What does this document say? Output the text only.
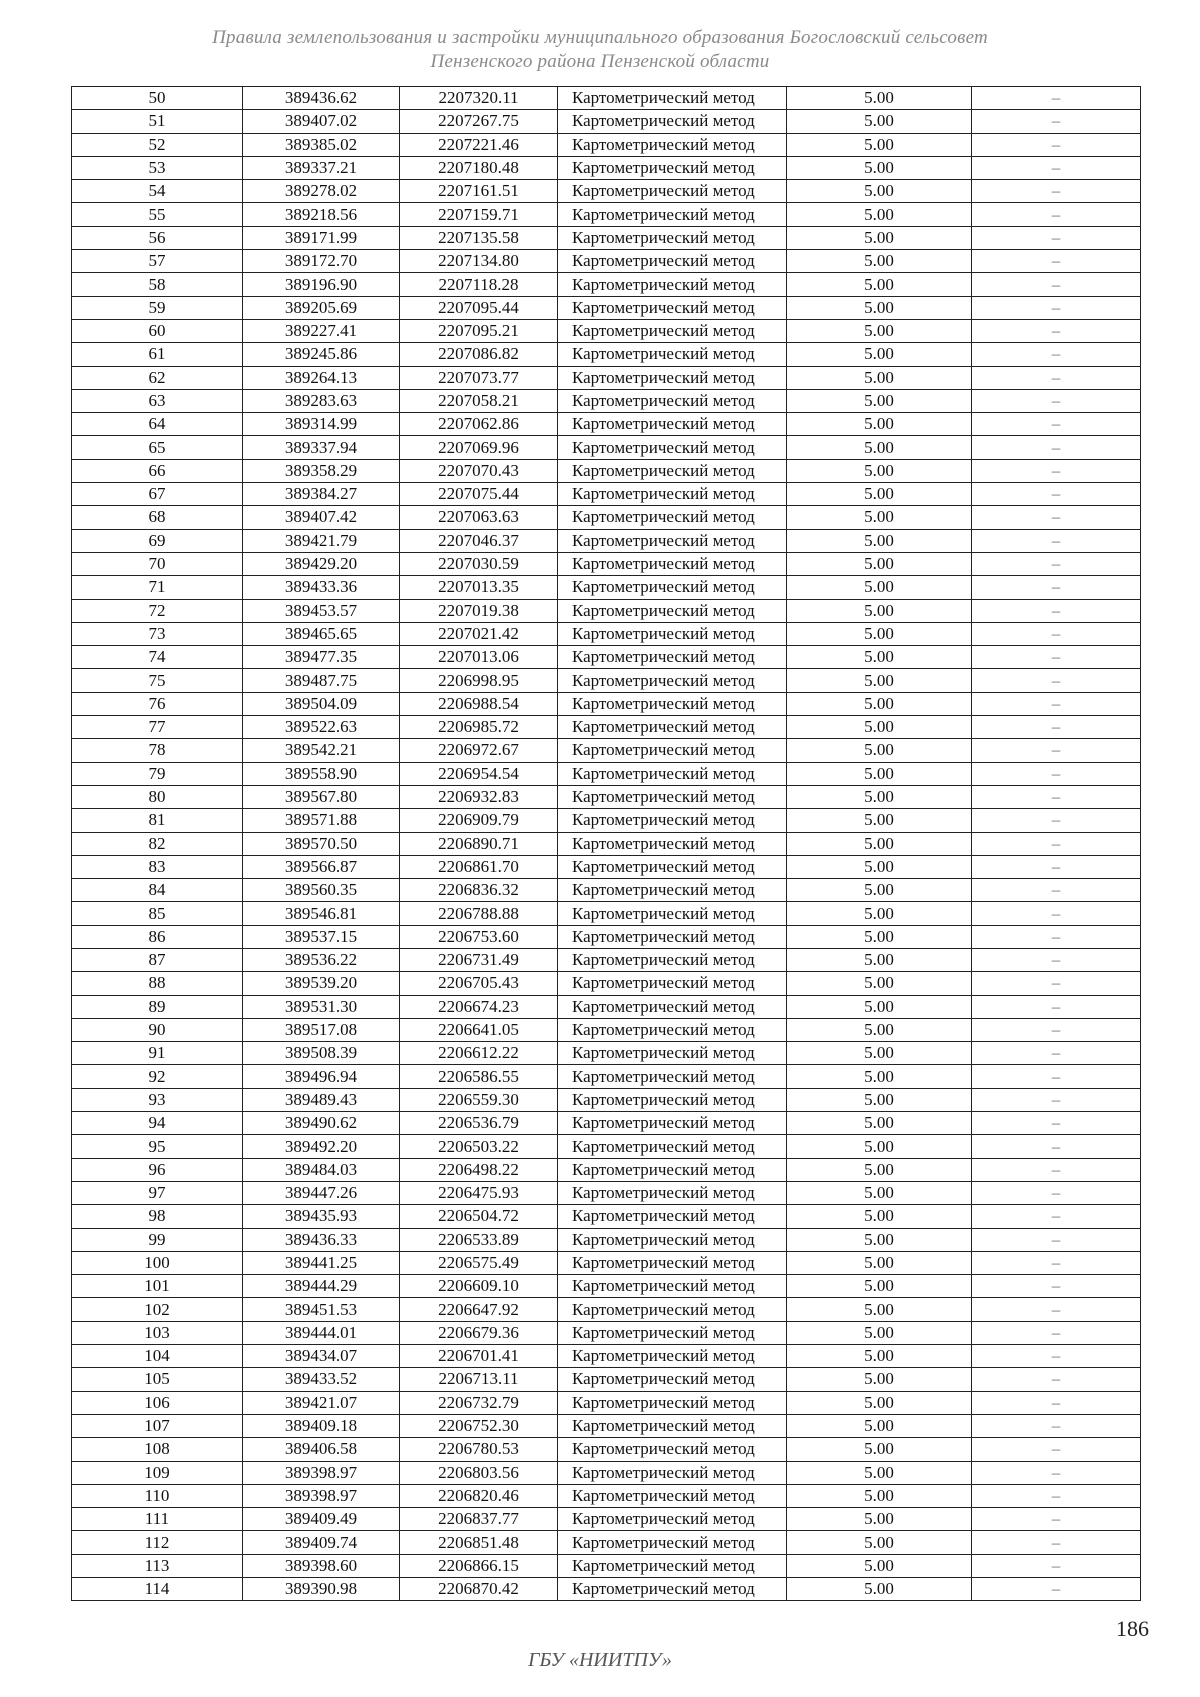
Правила землепользования и застройки муниципального образования Богословский сельсовет
Пензенского района Пензенской области
50	389436.62	2207320.11	Картометрический метод	5.00	–
51	389407.02	2207267.75	Картометрический метод	5.00	–
52	389385.02	2207221.46	Картометрический метод	5.00	–
53	389337.21	2207180.48	Картометрический метод	5.00	–
54	389278.02	2207161.51	Картометрический метод	5.00	–
55	389218.56	2207159.71	Картометрический метод	5.00	–
56	389171.99	2207135.58	Картометрический метод	5.00	–
57	389172.70	2207134.80	Картометрический метод	5.00	–
58	389196.90	2207118.28	Картометрический метод	5.00	–
59	389205.69	2207095.44	Картометрический метод	5.00	–
60	389227.41	2207095.21	Картометрический метод	5.00	–
61	389245.86	2207086.82	Картометрический метод	5.00	–
62	389264.13	2207073.77	Картометрический метод	5.00	–
63	389283.63	2207058.21	Картометрический метод	5.00	–
64	389314.99	2207062.86	Картометрический метод	5.00	–
65	389337.94	2207069.96	Картометрический метод	5.00	–
66	389358.29	2207070.43	Картометрический метод	5.00	–
67	389384.27	2207075.44	Картометрический метод	5.00	–
68	389407.42	2207063.63	Картометрический метод	5.00	–
69	389421.79	2207046.37	Картометрический метод	5.00	–
70	389429.20	2207030.59	Картометрический метод	5.00	–
71	389433.36	2207013.35	Картометрический метод	5.00	–
72	389453.57	2207019.38	Картометрический метод	5.00	–
73	389465.65	2207021.42	Картометрический метод	5.00	–
74	389477.35	2207013.06	Картометрический метод	5.00	–
75	389487.75	2206998.95	Картометрический метод	5.00	–
76	389504.09	2206988.54	Картометрический метод	5.00	–
77	389522.63	2206985.72	Картометрический метод	5.00	–
78	389542.21	2206972.67	Картометрический метод	5.00	–
79	389558.90	2206954.54	Картометрический метод	5.00	–
80	389567.80	2206932.83	Картометрический метод	5.00	–
81	389571.88	2206909.79	Картометрический метод	5.00	–
82	389570.50	2206890.71	Картометрический метод	5.00	–
83	389566.87	2206861.70	Картометрический метод	5.00	–
84	389560.35	2206836.32	Картометрический метод	5.00	–
85	389546.81	2206788.88	Картометрический метод	5.00	–
86	389537.15	2206753.60	Картометрический метод	5.00	–
87	389536.22	2206731.49	Картометрический метод	5.00	–
88	389539.20	2206705.43	Картометрический метод	5.00	–
89	389531.30	2206674.23	Картометрический метод	5.00	–
90	389517.08	2206641.05	Картометрический метод	5.00	–
91	389508.39	2206612.22	Картометрический метод	5.00	–
92	389496.94	2206586.55	Картометрический метод	5.00	–
93	389489.43	2206559.30	Картометрический метод	5.00	–
94	389490.62	2206536.79	Картометрический метод	5.00	–
95	389492.20	2206503.22	Картометрический метод	5.00	–
96	389484.03	2206498.22	Картометрический метод	5.00	–
97	389447.26	2206475.93	Картометрический метод	5.00	–
98	389435.93	2206504.72	Картометрический метод	5.00	–
99	389436.33	2206533.89	Картометрический метод	5.00	–
100	389441.25	2206575.49	Картометрический метод	5.00	–
101	389444.29	2206609.10	Картометрический метод	5.00	–
102	389451.53	2206647.92	Картометрический метод	5.00	–
103	389444.01	2206679.36	Картометрический метод	5.00	–
104	389434.07	2206701.41	Картометрический метод	5.00	–
105	389433.52	2206713.11	Картометрический метод	5.00	–
106	389421.07	2206732.79	Картометрический метод	5.00	–
107	389409.18	2206752.30	Картометрический метод	5.00	–
108	389406.58	2206780.53	Картометрический метод	5.00	–
109	389398.97	2206803.56	Картометрический метод	5.00	–
110	389398.97	2206820.46	Картометрический метод	5.00	–
111	389409.49	2206837.77	Картометрический метод	5.00	–
112	389409.74	2206851.48	Картометрический метод	5.00	–
113	389398.60	2206866.15	Картометрический метод	5.00	–
114	389390.98	2206870.42	Картометрический метод	5.00	–
186
ГБУ «НИИТПУ»
